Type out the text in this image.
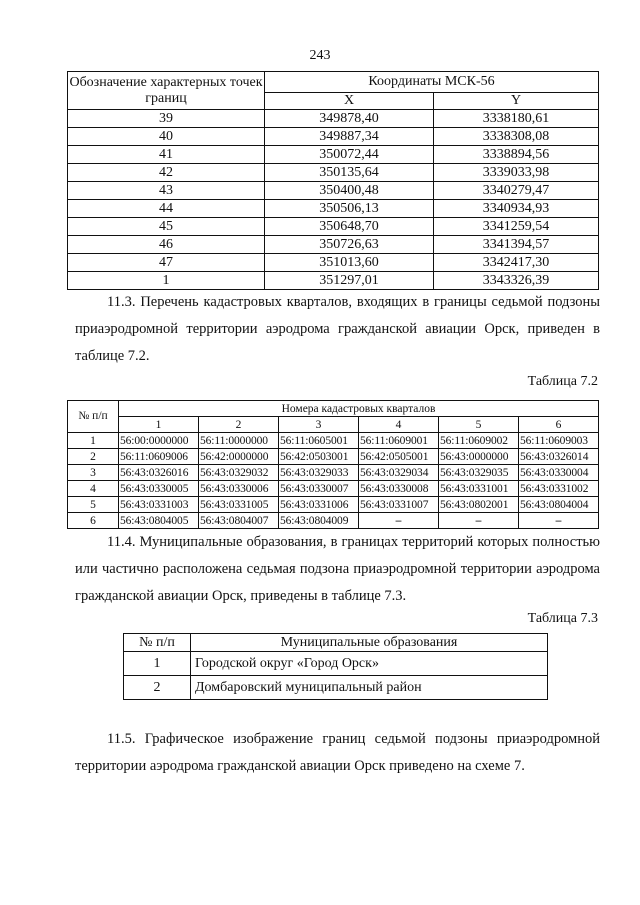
243
Обозначение характерных точек границ	Координаты МСК-56	
	X	Y
39	349878,40	3338180,61
40	349887,34	3338308,08
41	350072,44	3338894,56
42	350135,64	3339033,98
43	350400,48	3340279,47
44	350506,13	3340934,93
45	350648,70	3341259,54
46	350726,63	3341394,57
47	351013,60	3342417,30
1	351297,01	3343326,39
11.3. Перечень кадастровых кварталов, входящих в границы седьмой подзоны приаэродромной территории аэродрома гражданской авиации Орск, приведен в таблице 7.2.
Таблица 7.2
№ п/п	Номера кадастровых кварталов					
	1	2	3	4	5	6
1	56:00:0000000	56:11:0000000	56:11:0605001	56:11:0609001	56:11:0609002	56:11:0609003
2	56:11:0609006	56:42:0000000	56:42:0503001	56:42:0505001	56:43:0000000	56:43:0326014
3	56:43:0326016	56:43:0329032	56:43:0329033	56:43:0329034	56:43:0329035	56:43:0330004
4	56:43:0330005	56:43:0330006	56:43:0330007	56:43:0330008	56:43:0331001	56:43:0331002
5	56:43:0331003	56:43:0331005	56:43:0331006	56:43:0331007	56:43:0802001	56:43:0804004
6	56:43:0804005	56:43:0804007	56:43:0804009	–	–	–
11.4. Муниципальные образования, в границах территорий которых полностью или частично расположена седьмая подзона приаэродромной территории аэродрома гражданской авиации Орск, приведены в таблице 7.3.
Таблица 7.3
№ п/п	Муниципальные образования
1	Городской округ «Город Орск»
2	Домбаровский муниципальный район
11.5. Графическое изображение границ седьмой подзоны приаэродромной территории аэродрома гражданской авиации Орск приведено на схеме 7.
